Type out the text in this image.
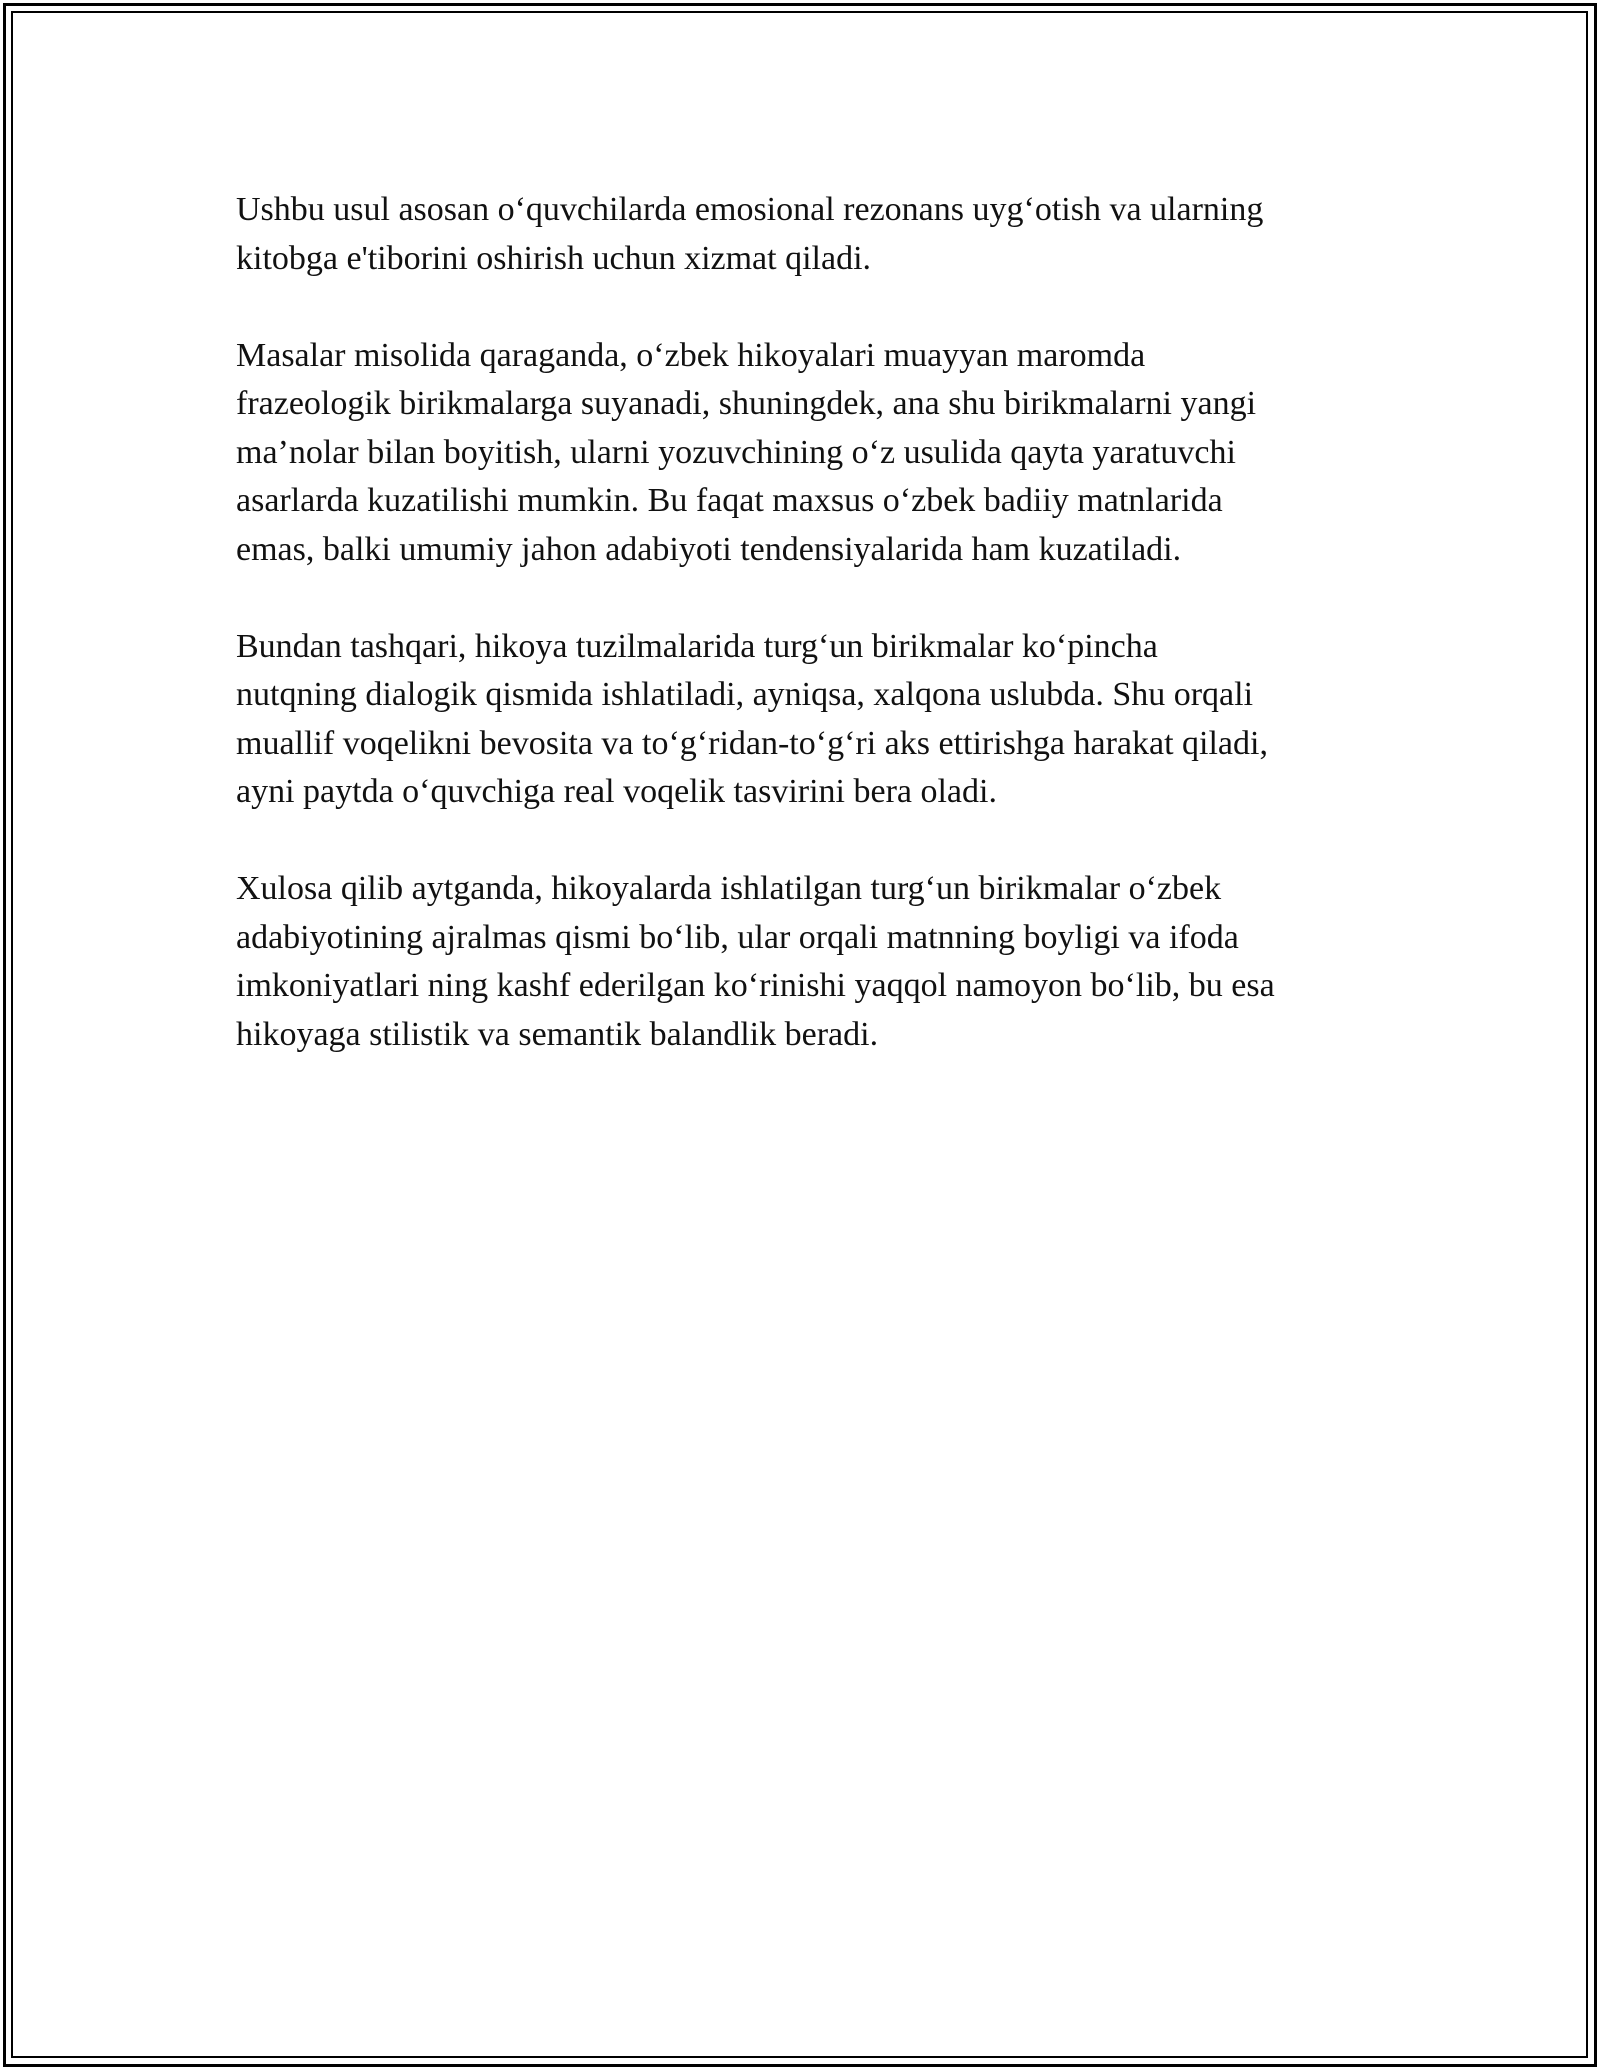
Ushbu usul asosan o‘quvchilarda emosional rezonans uyg‘otish va ularning
kitobga e'tiborini oshirish uchun xizmat qiladi.

Masalar misolida qaraganda, o‘zbek hikoyalari muayyan maromda
frazeologik birikmalarga suyanadi, shuningdek, ana shu birikmalarni yangi
ma’nolar bilan boyitish, ularni yozuvchining o‘z usulida qayta yaratuvchi
asarlarda kuzatilishi mumkin. Bu faqat maxsus o‘zbek badiiy matnlarida
emas, balki umumiy jahon adabiyoti tendensiyalarida ham kuzatiladi.

Bundan tashqari, hikoya tuzilmalarida turg‘un birikmalar ko‘pincha
nutqning dialogik qismida ishlatiladi, ayniqsa, xalqona uslubda. Shu orqali
muallif voqelikni bevosita va to‘g‘ridan-to‘g‘ri aks ettirishga harakat qiladi,
ayni paytda o‘quvchiga real voqelik tasvirini bera oladi.

Xulosa qilib aytganda, hikoyalarda ishlatilgan turg‘un birikmalar o‘zbek
adabiyotining ajralmas qismi bo‘lib, ular orqali matnning boyligi va ifoda
imkoniyatlari ning kashf ederilgan ko‘rinishi yaqqol namoyon bo‘lib, bu esa
hikoyaga stilistik va semantik balandlik beradi.
